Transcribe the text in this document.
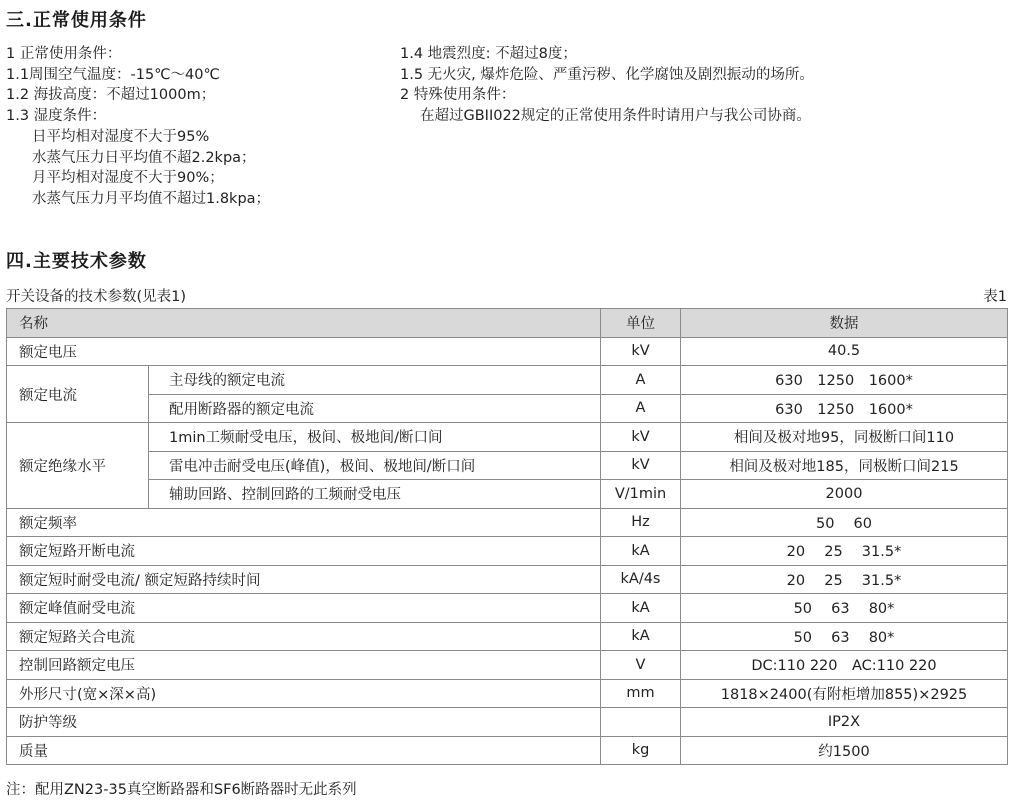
三.正常使用条件
1 正常使用条件：
1.1周围空气温度：-15℃～40℃
1.2 海拔高度：不超过1000m；
1.3 湿度条件：
日平均相对湿度不大于95%
水蒸气压力日平均值不超2.2kpa；
月平均相对湿度不大于90%；
水蒸气压力月平均值不超过1.8kpa；
1.4 地震烈度: 不超过8度；
1.5 无火灾, 爆炸危险、严重污秽、化学腐蚀及剧烈振动的场所。
2 特殊使用条件：
在超过GBII022规定的正常使用条件时请用户与我公司协商。
四.主要技术参数
开关设备的技术参数(见表1)	表1
名称		单位	数据
额定电压		kV	40.5
额定电流	主母线的额定电流	A	630　1250　1600*
	配用断路器的额定电流	A	630　1250　1600*
额定绝缘水平	1min工频耐受电压，极间、极地间/断口间	kV	相间及极对地95，同极断口间110
	雷电冲击耐受电压(峰值)，极间、极地间/断口间	kV	相间及极对地185，同极断口间215
	辅助回路、控制回路的工频耐受电压	V/1min	2000
额定频率		Hz	50　 60
额定短路开断电流		kA	20　 25　 31.5*
额定短时耐受电流/ 额定短路持续时间		kA/4s	20　 25　 31.5*
额定峰值耐受电流		kA	50　 63　 80*
额定短路关合电流		kA	50　 63　 80*
控制回路额定电压		V	DC:110 220　AC:110 220
外形尺寸(宽×深×高)		mm	1818×2400(有附柜增加855)×2925
防护等级			IP2X
质量		kg	约1500
注：配用ZN23-35真空断路器和SF6断路器时无此系列
